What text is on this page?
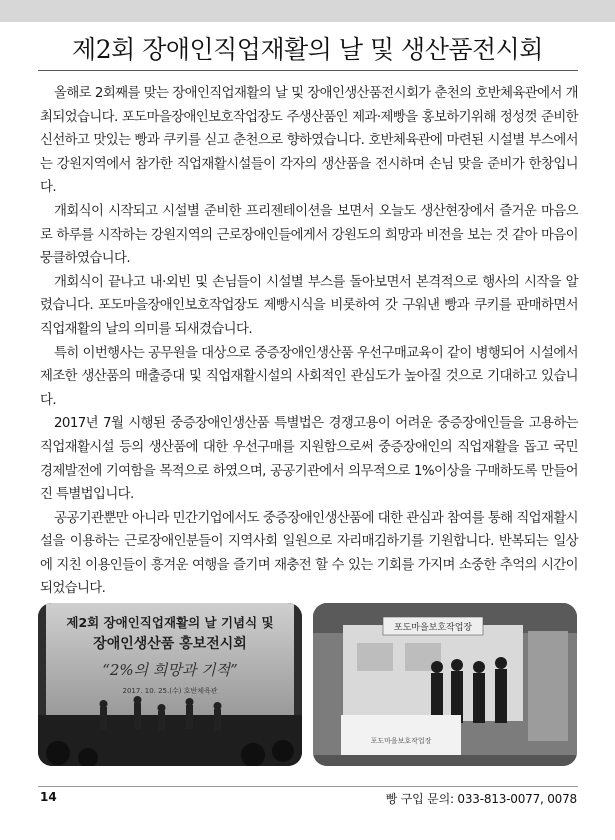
제2회 장애인직업재활의 날 및 생산품전시회

올해로 2회째를 맞는 장애인직업재활의 날 및 장애인생산품전시회가 춘천의 호반체육관에서 개최되었습니다. 포도마을장애인보호작업장도 주생산품인 제과·제빵을 홍보하기위해 정성껏 준비한 신선하고 맛있는 빵과 쿠키를 싣고 춘천으로 향하였습니다. 호반체육관에 마련된 시설별 부스에서는 강원지역에서 참가한 직업재활시설들이 각자의 생산품을 전시하며 손님 맞을 준비가 한창입니다.

개회식이 시작되고 시설별 준비한 프리젠테이션을 보면서 오늘도 생산현장에서 즐거운 마음으로 하루를 시작하는 강원지역의 근로장애인들에게서 강원도의 희망과 비전을 보는 것 같아 마음이 뭉클하였습니다.

개회식이 끝나고 내·외빈 및 손님들이 시설별 부스를 돌아보면서 본격적으로 행사의 시작을 알렸습니다. 포도마을장애인보호작업장도 제빵시식을 비롯하여 갓 구워낸 빵과 쿠키를 판매하면서 직업재활의 날의 의미를 되새겼습니다.

특히 이번행사는 공무원을 대상으로 중증장애인생산품 우선구매교육이 같이 병행되어 시설에서 제조한 생산품의 매출증대 및 직업재활시설의 사회적인 관심도가 높아질 것으로 기대하고 있습니다.

2017년 7월 시행된 중증장애인생산품 특별법은 경쟁고용이 어려운 중증장애인들을 고용하는 직업재활시설 등의 생산품에 대한 우선구매를 지원함으로써 중증장애인의 직업재활을 돕고 국민경제발전에 기여함을 목적으로 하였으며, 공공기관에서 의무적으로 1%이상을 구매하도록 만들어진 특별법입니다.

공공기관뿐만 아니라 민간기업에서도 중증장애인생산품에 대한 관심과 참여를 통해 직업재활시설을 이용하는 근로장애인분들이 지역사회 일원으로 자리매김하기를 기원합니다. 반복되는 일상에 지친 이용인들이 흥겨운 여행을 즐기며 재충전 할 수 있는 기회를 가지며 소중한 추억의 시간이 되었습니다.

제2회 장애인직업재활의 날 기념식 및
장애인생산품 홍보전시회
“2%의 희망과 기적”
2017. 10. 25.(수) 호반체육관
포도마을보호작업장
포도마을보호작업장
14	빵 구입 문의: 033-813-0077, 0078
